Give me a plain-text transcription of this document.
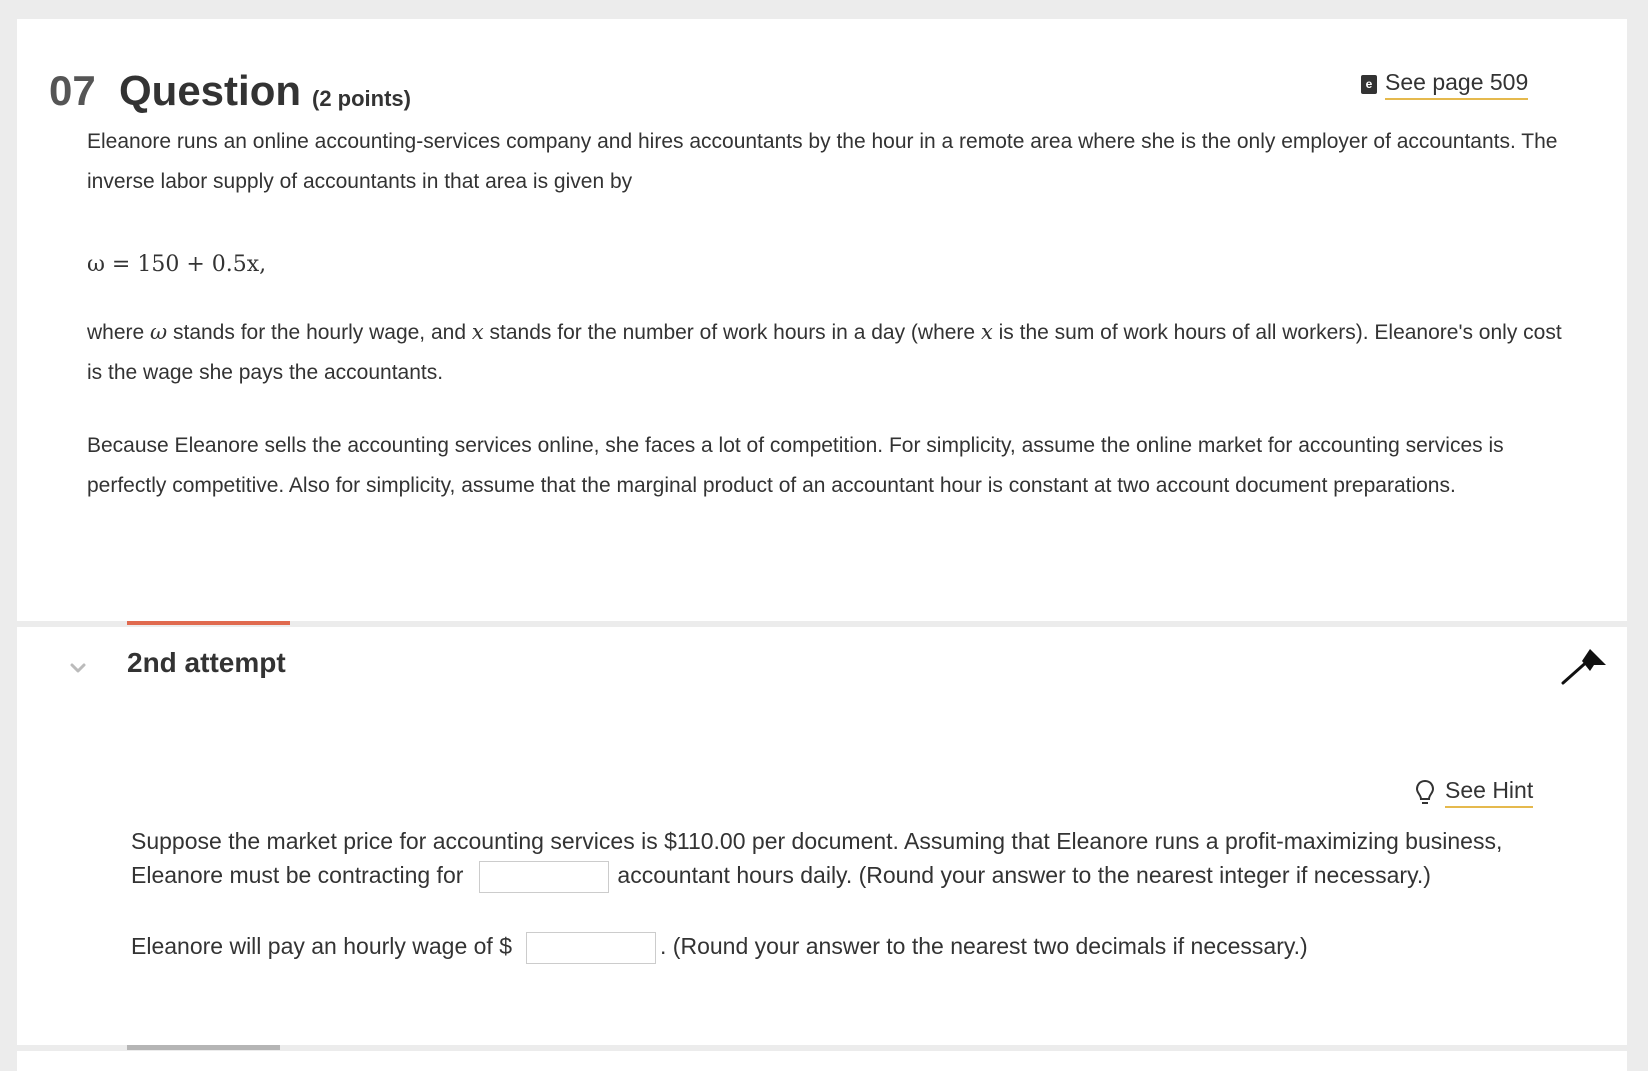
07 Question (2 points)
e See page 509
Eleanore runs an online accounting-services company and hires accountants by the hour in a remote area where she is the only employer of accountants. The inverse labor supply of accountants in that area is given by
ω = 150 + 0.5x,
where ω stands for the hourly wage, and x stands for the number of work hours in a day (where x is the sum of work hours of all workers). Eleanore's only cost is the wage she pays the accountants.
Because Eleanore sells the accounting services online, she faces a lot of competition. For simplicity, assume the online market for accounting services is perfectly competitive. Also for simplicity, assume that the marginal product of an accountant hour is constant at two account document preparations.
2nd attempt
See Hint
Suppose the market price for accounting services is $110.00 per document. Assuming that Eleanore runs a profit-maximizing business, Eleanore must be contracting for	accountant hours daily. (Round your answer to the nearest integer if necessary.)
Eleanore will pay an hourly wage of $	. (Round your answer to the nearest two decimals if necessary.)
